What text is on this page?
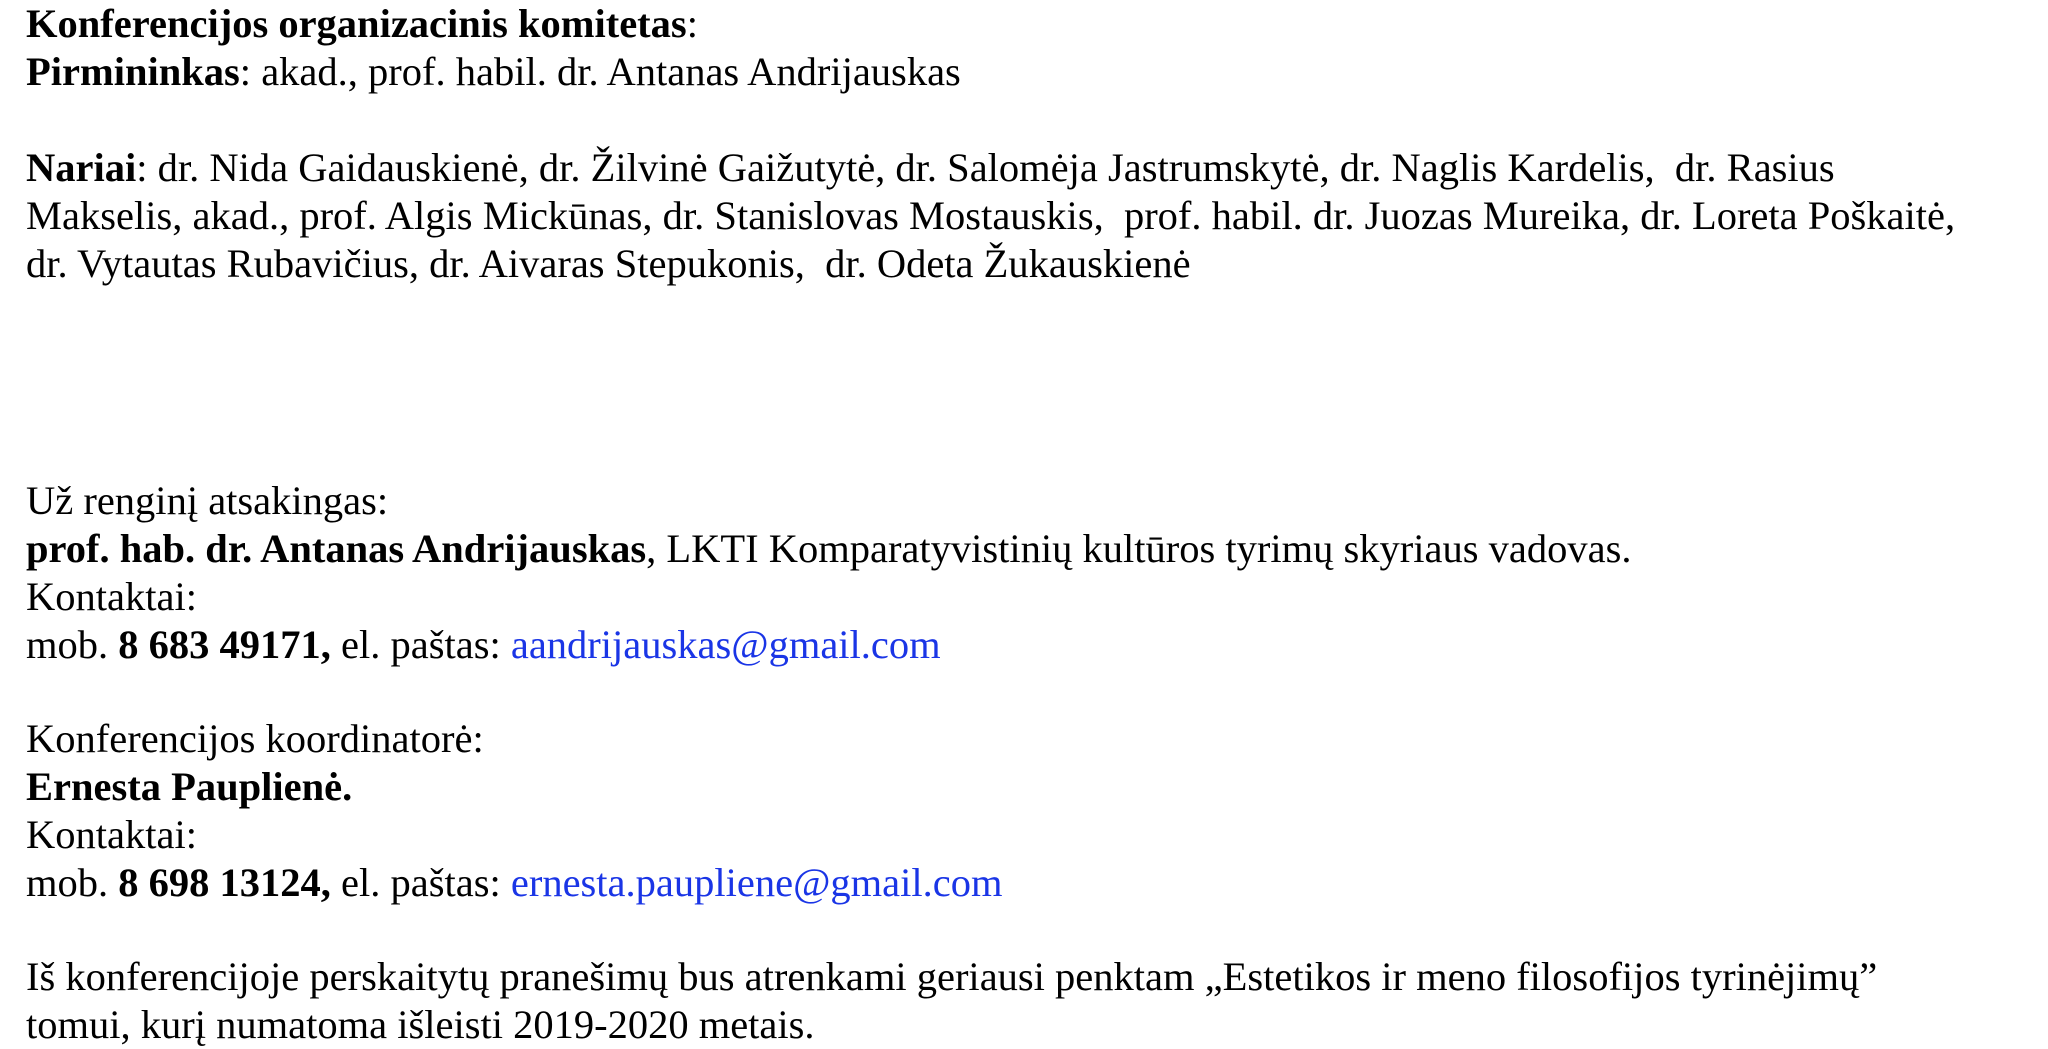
Konferencijos organizacinis komitetas:
Pirmininkas: akad., prof. habil. dr. Antanas Andrijauskas
Nariai: dr. Nida Gaidauskienė, dr. Žilvinė Gaižutytė, dr. Salomėja Jastrumskytė, dr. Naglis Kardelis,  dr. Rasius
Makselis, akad., prof. Algis Mickūnas, dr. Stanislovas Mostauskis,  prof. habil. dr. Juozas Mureika, dr. Loreta Poškaitė,
dr. Vytautas Rubavičius, dr. Aivaras Stepukonis,  dr. Odeta Žukauskienė
Už renginį atsakingas:
prof. hab. dr. Antanas Andrijauskas, LKTI Komparatyvistinių kultūros tyrimų skyriaus vadovas.
Kontaktai:
mob. 8 683 49171, el. paštas: aandrijauskas@gmail.com
Konferencijos koordinatorė:
Ernesta Pauplienė.
Kontaktai:
mob. 8 698 13124, el. paštas: ernesta.paupliene@gmail.com
Iš konferencijoje perskaitytų pranešimų bus atrenkami geriausi penktam „Estetikos ir meno filosofijos tyrinėjimų”
tomui, kurį numatoma išleisti 2019-2020 metais.
